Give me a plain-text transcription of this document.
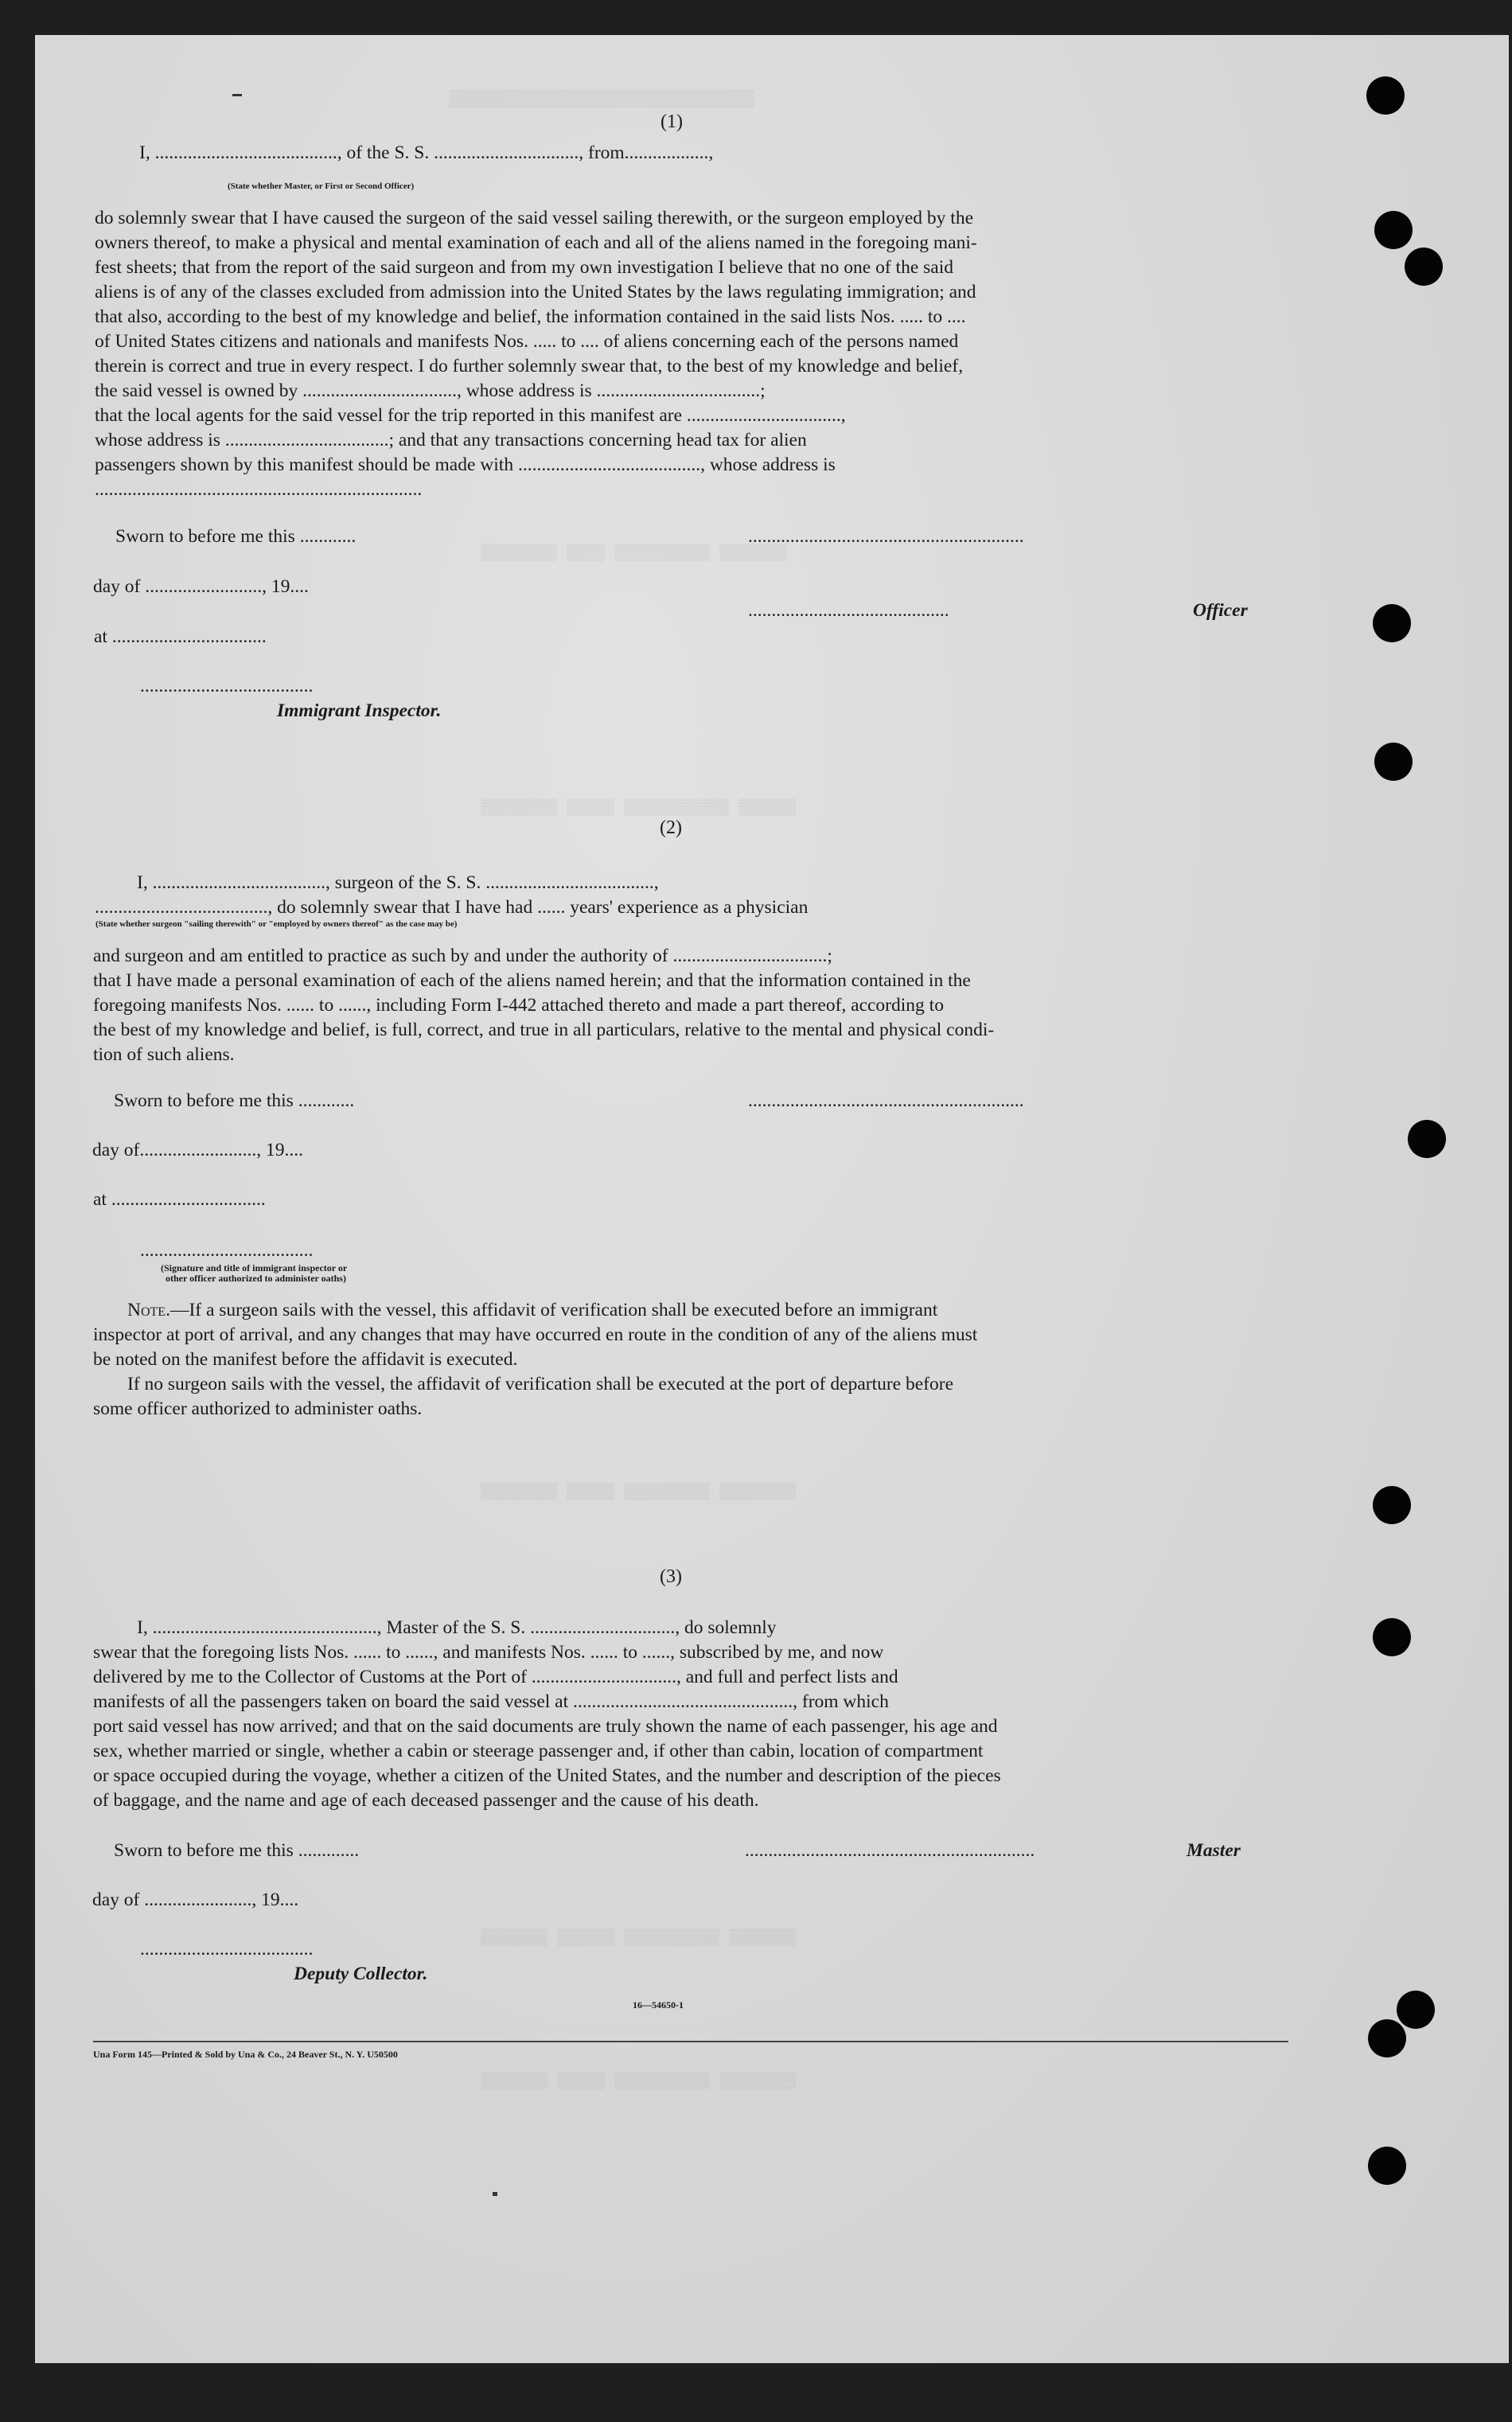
▒▒▒▒▒▒▒▒▒▒▒▒▒▒▒▒▒▒▒▒▒▒▒▒▒▒▒▒▒▒▒▒
▒▒▒▒▒▒▒▒ ▒▒▒▒ ▒▒▒▒▒▒▒▒▒▒ ▒▒▒▒▒▒▒
▒▒▒▒▒▒▒▒ ▒▒▒▒▒ ▒▒▒▒▒▒▒▒▒▒▒ ▒▒▒▒▒▒
▒▒▒▒▒▒▒▒ ▒▒▒▒▒ ▒▒▒▒▒▒▒▒▒ ▒▒▒▒▒▒▒▒
▒▒▒▒▒▒▒ ▒▒▒▒▒▒ ▒▒▒▒▒▒▒▒▒▒ ▒▒▒▒▒▒▒
▒▒▒▒▒▒▒ ▒▒▒▒▒ ▒▒▒▒▒▒▒▒▒▒ ▒▒▒▒▒▒▒▒
(1)
I, ......................................., of the S. S. ..............................., from..................,
(State whether Master, or First or Second Officer)
do solemnly swear that I have caused the surgeon of the said vessel sailing therewith, or the surgeon employed by the
owners thereof, to make a physical and mental examination of each and all of the aliens named in the foregoing mani-
fest sheets; that from the report of the said surgeon and from my own investigation I believe that no one of the said
aliens is of any of the classes excluded from admission into the United States by the laws regulating immigration; and
that also, according to the best of my knowledge and belief, the information contained in the said lists Nos. ..... to ....
of United States citizens and nationals and manifests Nos. ..... to .... of aliens concerning each of the persons named
therein is correct and true in every respect. I do further solemnly swear that, to the best of my knowledge and belief,
the said vessel is owned by ................................., whose address is ...................................;
that the local agents for the said vessel for the trip reported in this manifest are .................................,
whose address is ...................................; and that any transactions concerning head tax for alien
passengers shown by this manifest should be made with ......................................., whose address is
......................................................................
Sworn to before me this ............	...........................................................
day of ........................., 19....
...........................................	Officer
at .................................
.....................................
Immigrant Inspector.
(2)
I, ....................................., surgeon of the S. S. ....................................,
....................................., do solemnly swear that I have had ...... years' experience as a physician
(State whether surgeon "sailing therewith" or "employed by owners thereof" as the case may be)
and surgeon and am entitled to practice as such by and under the authority of .................................;
that I have made a personal examination of each of the aliens named herein; and that the information contained in the
foregoing manifests Nos. ...... to ......, including Form I-442 attached thereto and made a part thereof, according to
the best of my knowledge and belief, is full, correct, and true in all particulars, relative to the mental and physical condi-
tion of such aliens.
Sworn to before me this ............	...........................................................
day of........................., 19....
at .................................
.....................................
(Signature and title of immigrant inspector or
other officer authorized to administer oaths)
Note.—If a surgeon sails with the vessel, this affidavit of verification shall be executed before an immigrant
inspector at port of arrival, and any changes that may have occurred en route in the condition of any of the aliens must
be noted on the manifest before the affidavit is executed.
If no surgeon sails with the vessel, the affidavit of verification shall be executed at the port of departure before
some officer authorized to administer oaths.
(3)
I, ................................................, Master of the S. S. ..............................., do solemnly
swear that the foregoing lists Nos. ...... to ......, and manifests Nos. ...... to ......, subscribed by me, and now
delivered by me to the Collector of Customs at the Port of ..............................., and full and perfect lists and
manifests of all the passengers taken on board the said vessel at ..............................................., from which
port said vessel has now arrived; and that on the said documents are truly shown the name of each passenger, his age and
sex, whether married or single, whether a cabin or steerage passenger and, if other than cabin, location of compartment
or space occupied during the voyage, whether a citizen of the United States, and the number and description of the pieces
of baggage, and the name and age of each deceased passenger and the cause of his death.
Sworn to before me this .............	..............................................................	Master
day of ......................., 19....
.....................................
Deputy Collector.
16—54650-1
Una Form 145—Printed & Sold by Una & Co., 24 Beaver St., N. Y. U50500
